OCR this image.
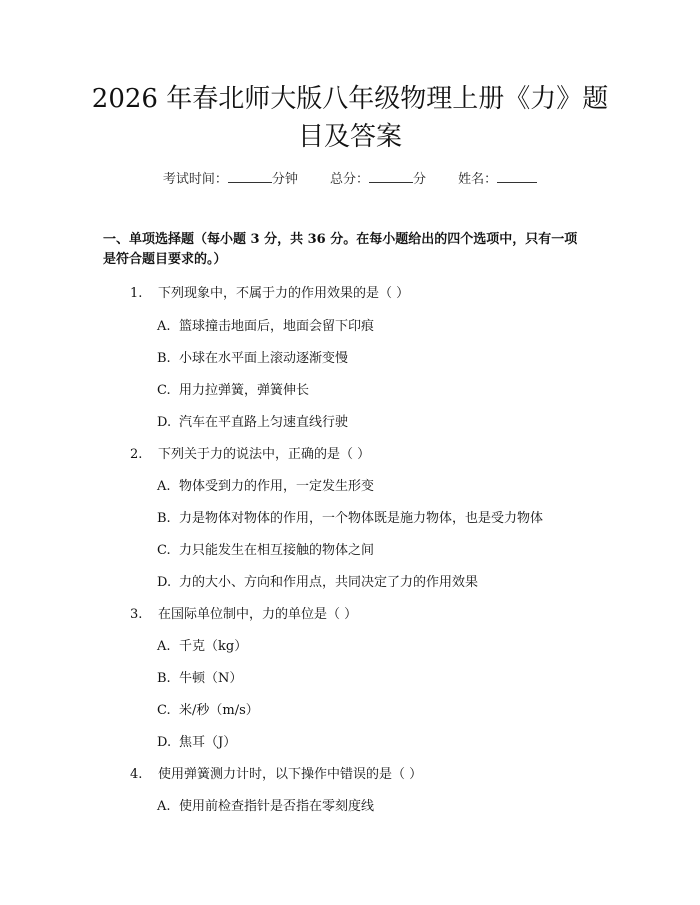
2026 年春北师大版八年级物理上册《力》题
目及答案
考试时间：	分钟 总分：	分 姓名：
一、单项选择题（每小题 3 分，共 36 分。在每小题给出的四个选项中，只有一项
是符合题目要求的。）
1. 下列现象中，不属于力的作用效果的是（ ）
A. 篮球撞击地面后，地面会留下印痕
B. 小球在水平面上滚动逐渐变慢
C. 用力拉弹簧，弹簧伸长
D. 汽车在平直路上匀速直线行驶
2. 下列关于力的说法中，正确的是（ ）
A. 物体受到力的作用，一定发生形变
B. 力是物体对物体的作用，一个物体既是施力物体，也是受力物体
C. 力只能发生在相互接触的物体之间
D. 力的大小、方向和作用点，共同决定了力的作用效果
3. 在国际单位制中，力的单位是（ ）
A. 千克（kg）
B. 牛顿（N）
C. 米/秒（m/s）
D. 焦耳（J）
4. 使用弹簧测力计时，以下操作中错误的是（ ）
A. 使用前检查指针是否指在零刻度线
